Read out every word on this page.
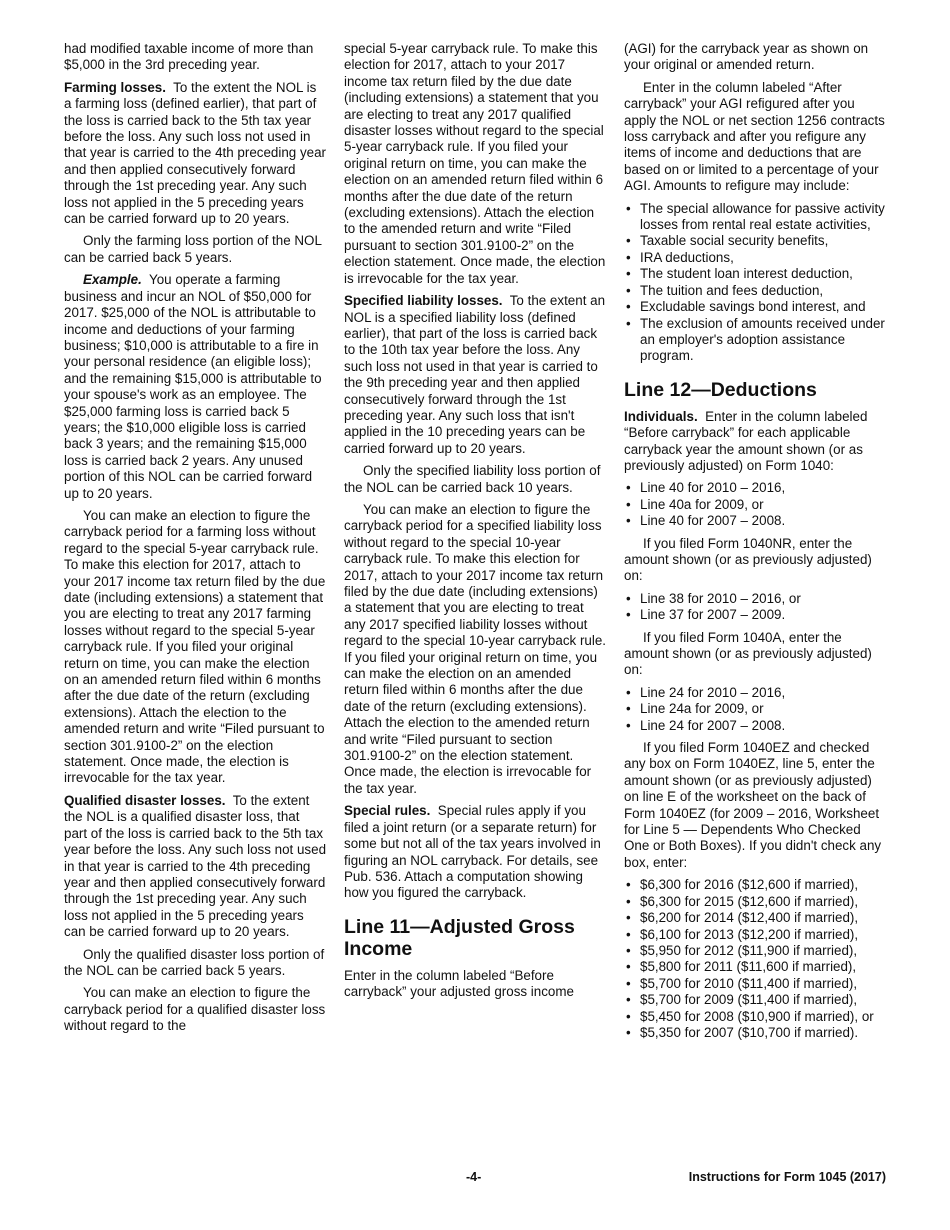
had modified taxable income of more than $5,000 in the 3rd preceding year.

Farming losses. To the extent the NOL is a farming loss (defined earlier), that part of the loss is carried back to the 5th tax year before the loss. Any such loss not used in that year is carried to the 4th preceding year and then applied consecutively forward through the 1st preceding year. Any such loss not applied in the 5 preceding years can be carried forward up to 20 years.

Only the farming loss portion of the NOL can be carried back 5 years.

Example. You operate a farming business and incur an NOL of $50,000 for 2017. $25,000 of the NOL is attributable to income and deductions of your farming business; $10,000 is attributable to a fire in your personal residence (an eligible loss); and the remaining $15,000 is attributable to your spouse's work as an employee. The $25,000 farming loss is carried back 5 years; the $10,000 eligible loss is carried back 3 years; and the remaining $15,000 loss is carried back 2 years. Any unused portion of this NOL can be carried forward up to 20 years.

You can make an election to figure the carryback period for a farming loss without regard to the special 5-year carryback rule. To make this election for 2017, attach to your 2017 income tax return filed by the due date (including extensions) a statement that you are electing to treat any 2017 farming losses without regard to the special 5-year carryback rule. If you filed your original return on time, you can make the election on an amended return filed within 6 months after the due date of the return (excluding extensions). Attach the election to the amended return and write “Filed pursuant to section 301.9100-2” on the election statement. Once made, the election is irrevocable for the tax year.

Qualified disaster losses. To the extent the NOL is a qualified disaster loss, that part of the loss is carried back to the 5th tax year before the loss. Any such loss not used in that year is carried to the 4th preceding year and then applied consecutively forward through the 1st preceding year. Any such loss not applied in the 5 preceding years can be carried forward up to 20 years.

Only the qualified disaster loss portion of the NOL can be carried back 5 years.

You can make an election to figure the carryback period for a qualified disaster loss without regard to the

special 5-year carryback rule. To make this election for 2017, attach to your 2017 income tax return filed by the due date (including extensions) a statement that you are electing to treat any 2017 qualified disaster losses without regard to the special 5-year carryback rule. If you filed your original return on time, you can make the election on an amended return filed within 6 months after the due date of the return (excluding extensions). Attach the election to the amended return and write “Filed pursuant to section 301.9100-2” on the election statement. Once made, the election is irrevocable for the tax year.

Specified liability losses. To the extent an NOL is a specified liability loss (defined earlier), that part of the loss is carried back to the 10th tax year before the loss. Any such loss not used in that year is carried to the 9th preceding year and then applied consecutively forward through the 1st preceding year. Any such loss that isn't applied in the 10 preceding years can be carried forward up to 20 years.

Only the specified liability loss portion of the NOL can be carried back 10 years.

You can make an election to figure the carryback period for a specified liability loss without regard to the special 10-year carryback rule. To make this election for 2017, attach to your 2017 income tax return filed by the due date (including extensions) a statement that you are electing to treat any 2017 specified liability losses without regard to the special 10-year carryback rule. If you filed your original return on time, you can make the election on an amended return filed within 6 months after the due date of the return (excluding extensions). Attach the election to the amended return and write “Filed pursuant to section 301.9100-2” on the election statement. Once made, the election is irrevocable for the tax year.

Special rules. Special rules apply if you filed a joint return (or a separate return) for some but not all of the tax years involved in figuring an NOL carryback. For details, see Pub. 536. Attach a computation showing how you figured the carryback.

Line 11—Adjusted Gross Income

Enter in the column labeled “Before carryback” your adjusted gross income

(AGI) for the carryback year as shown on your original or amended return.

Enter in the column labeled “After carryback” your AGI refigured after you apply the NOL or net section 1256 contracts loss carryback and after you refigure any items of income and deductions that are based on or limited to a percentage of your AGI. Amounts to refigure may include:

• The special allowance for passive activity losses from rental real estate activities,
• Taxable social security benefits,
• IRA deductions,
• The student loan interest deduction,
• The tuition and fees deduction,
• Excludable savings bond interest, and
• The exclusion of amounts received under an employer's adoption assistance program.
Line 12—Deductions

Individuals. Enter in the column labeled “Before carryback” for each applicable carryback year the amount shown (or as previously adjusted) on Form 1040:

• Line 40 for 2010 – 2016,
• Line 40a for 2009, or
• Line 40 for 2007 – 2008.

If you filed Form 1040NR, enter the amount shown (or as previously adjusted) on:

• Line 38 for 2010 – 2016, or
• Line 37 for 2007 – 2009.

If you filed Form 1040A, enter the amount shown (or as previously adjusted) on:

• Line 24 for 2010 – 2016,
• Line 24a for 2009, or
• Line 24 for 2007 – 2008.

If you filed Form 1040EZ and checked any box on Form 1040EZ, line 5, enter the amount shown (or as previously adjusted) on line E of the worksheet on the back of Form 1040EZ (for 2009 – 2016, Worksheet for Line 5 — Dependents Who Checked One or Both Boxes). If you didn't check any box, enter:

• $6,300 for 2016 ($12,600 if married),
• $6,300 for 2015 ($12,600 if married),
• $6,200 for 2014 ($12,400 if married),
• $6,100 for 2013 ($12,200 if married),
• $5,950 for 2012 ($11,900 if married),
• $5,800 for 2011 ($11,600 if married),
• $5,700 for 2010 ($11,400 if married),
• $5,700 for 2009 ($11,400 if married),
• $5,450 for 2008 ($10,900 if married), or
• $5,350 for 2007 ($10,700 if married).
-4-	Instructions for Form 1045 (2017)
